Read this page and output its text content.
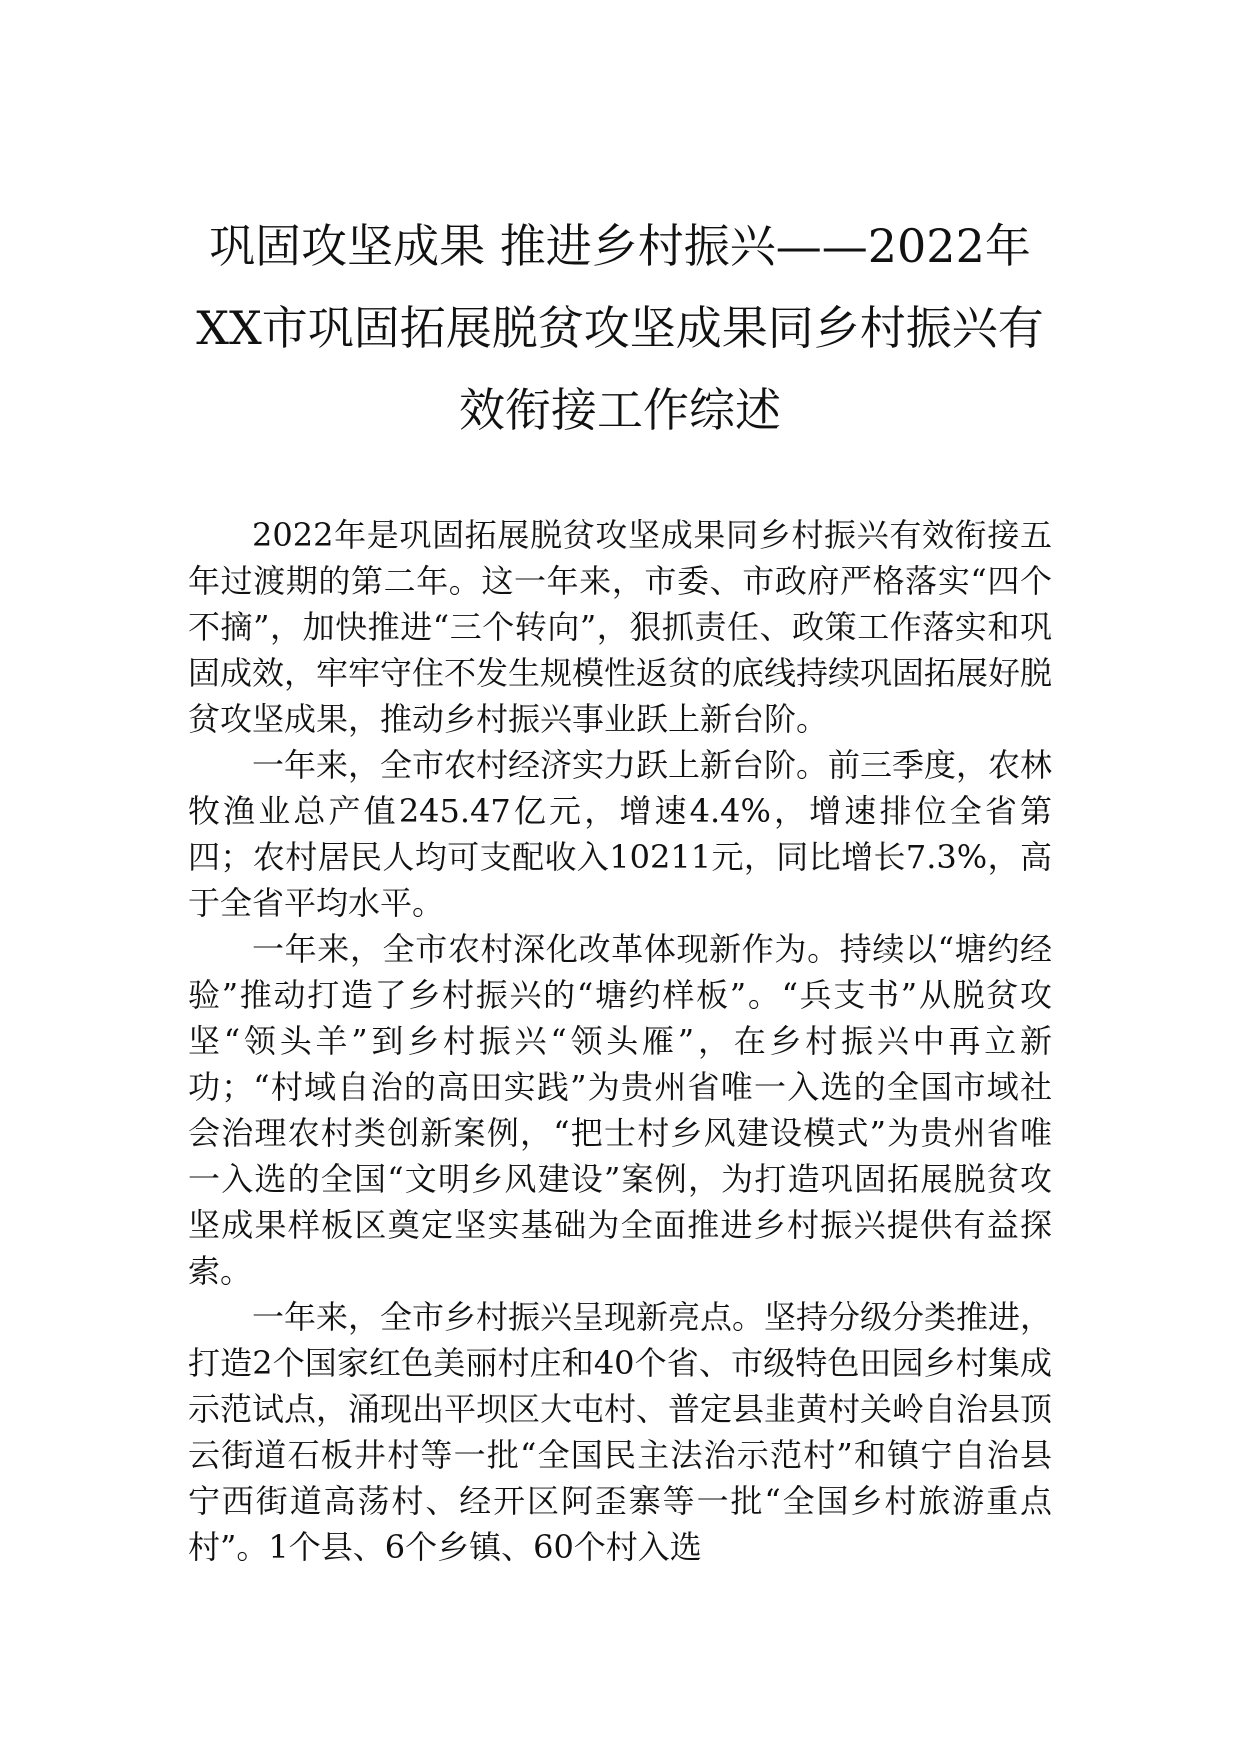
巩固攻坚成果 推进乡村振兴——2022年
XX市巩固拓展脱贫攻坚成果同乡村振兴有
效衔接工作综述

2022年是巩固拓展脱贫攻坚成果同乡村振兴有效衔接五年过渡期的第二年。这一年来，市委、市政府严格落实“四个不摘”，加快推进“三个转向”，狠抓责任、政策工作落实和巩固成效，牢牢守住不发生规模性返贫的底线持续巩固拓展好脱贫攻坚成果，推动乡村振兴事业跃上新台阶。

一年来，全市农村经济实力跃上新台阶。前三季度，农林牧渔业总产值245.47亿元，增速4.4%，增速排位全省第四；农村居民人均可支配收入10211元，同比增长7.3%，高于全省平均水平。

一年来，全市农村深化改革体现新作为。持续以“塘约经验”推动打造了乡村振兴的“塘约样板”。“兵支书”从脱贫攻坚“领头羊”到乡村振兴“领头雁”，在乡村振兴中再立新功；“村域自治的高田实践”为贵州省唯一入选的全国市域社会治理农村类创新案例，“把士村乡风建设模式”为贵州省唯一入选的全国“文明乡风建设”案例，为打造巩固拓展脱贫攻坚成果样板区奠定坚实基础为全面推进乡村振兴提供有益探索。

一年来，全市乡村振兴呈现新亮点。坚持分级分类推进，打造2个国家红色美丽村庄和40个省、市级特色田园乡村集成示范试点，涌现出平坝区大屯村、普定县韭黄村关岭自治县顶云街道石板井村等一批“全国民主法治示范村”和镇宁自治县宁西街道高荡村、经开区阿歪寨等一批“全国乡村旅游重点村”。1个县、6个乡镇、60个村入选
